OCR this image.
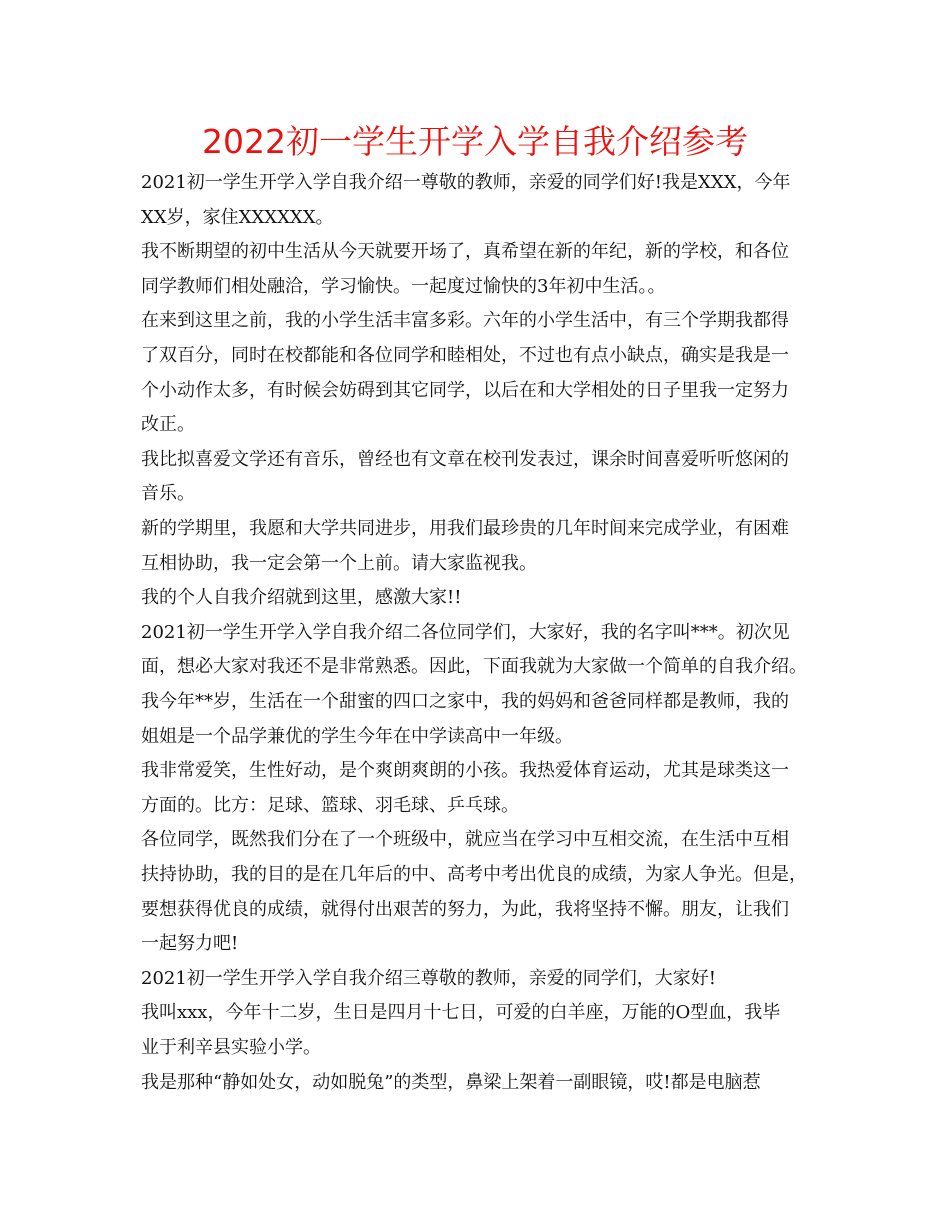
2022初一学生开学入学自我介绍参考
2021初一学生开学入学自我介绍一尊敬的教师，亲爱的同学们好!我是XXX，今年
XX岁，家住XXXXXX。
我不断期望的初中生活从今天就要开场了，真希望在新的年纪，新的学校，和各位
同学教师们相处融洽，学习愉快。一起度过愉快的3年初中生活。。
在来到这里之前，我的小学生活丰富多彩。六年的小学生活中，有三个学期我都得
了双百分，同时在校都能和各位同学和睦相处，不过也有点小缺点，确实是我是一
个小动作太多，有时候会妨碍到其它同学，以后在和大学相处的日子里我一定努力
改正。
我比拟喜爱文学还有音乐，曾经也有文章在校刊发表过，课余时间喜爱听听悠闲的
音乐。
新的学期里，我愿和大学共同进步，用我们最珍贵的几年时间来完成学业，有困难
互相协助，我一定会第一个上前。请大家监视我。
我的个人自我介绍就到这里，感激大家!!
2021初一学生开学入学自我介绍二各位同学们，大家好，我的名字叫***。初次见
面，想必大家对我还不是非常熟悉。因此，下面我就为大家做一个简单的自我介绍。
我今年**岁，生活在一个甜蜜的四口之家中，我的妈妈和爸爸同样都是教师，我的
姐姐是一个品学兼优的学生今年在中学读高中一年级。
我非常爱笑，生性好动，是个爽朗爽朗的小孩。我热爱体育运动，尤其是球类这一
方面的。比方：足球、篮球、羽毛球、乒乓球。
各位同学，既然我们分在了一个班级中，就应当在学习中互相交流，在生活中互相
扶持协助，我的目的是在几年后的中、高考中考出优良的成绩，为家人争光。但是，
要想获得优良的成绩，就得付出艰苦的努力，为此，我将坚持不懈。朋友，让我们
一起努力吧!
2021初一学生开学入学自我介绍三尊敬的教师，亲爱的同学们，大家好!
我叫xxx，今年十二岁，生日是四月十七日，可爱的白羊座，万能的O型血，我毕
业于利辛县实验小学。
我是那种“静如处女，动如脱兔”的类型，鼻梁上架着一副眼镜，哎!都是电脑惹
